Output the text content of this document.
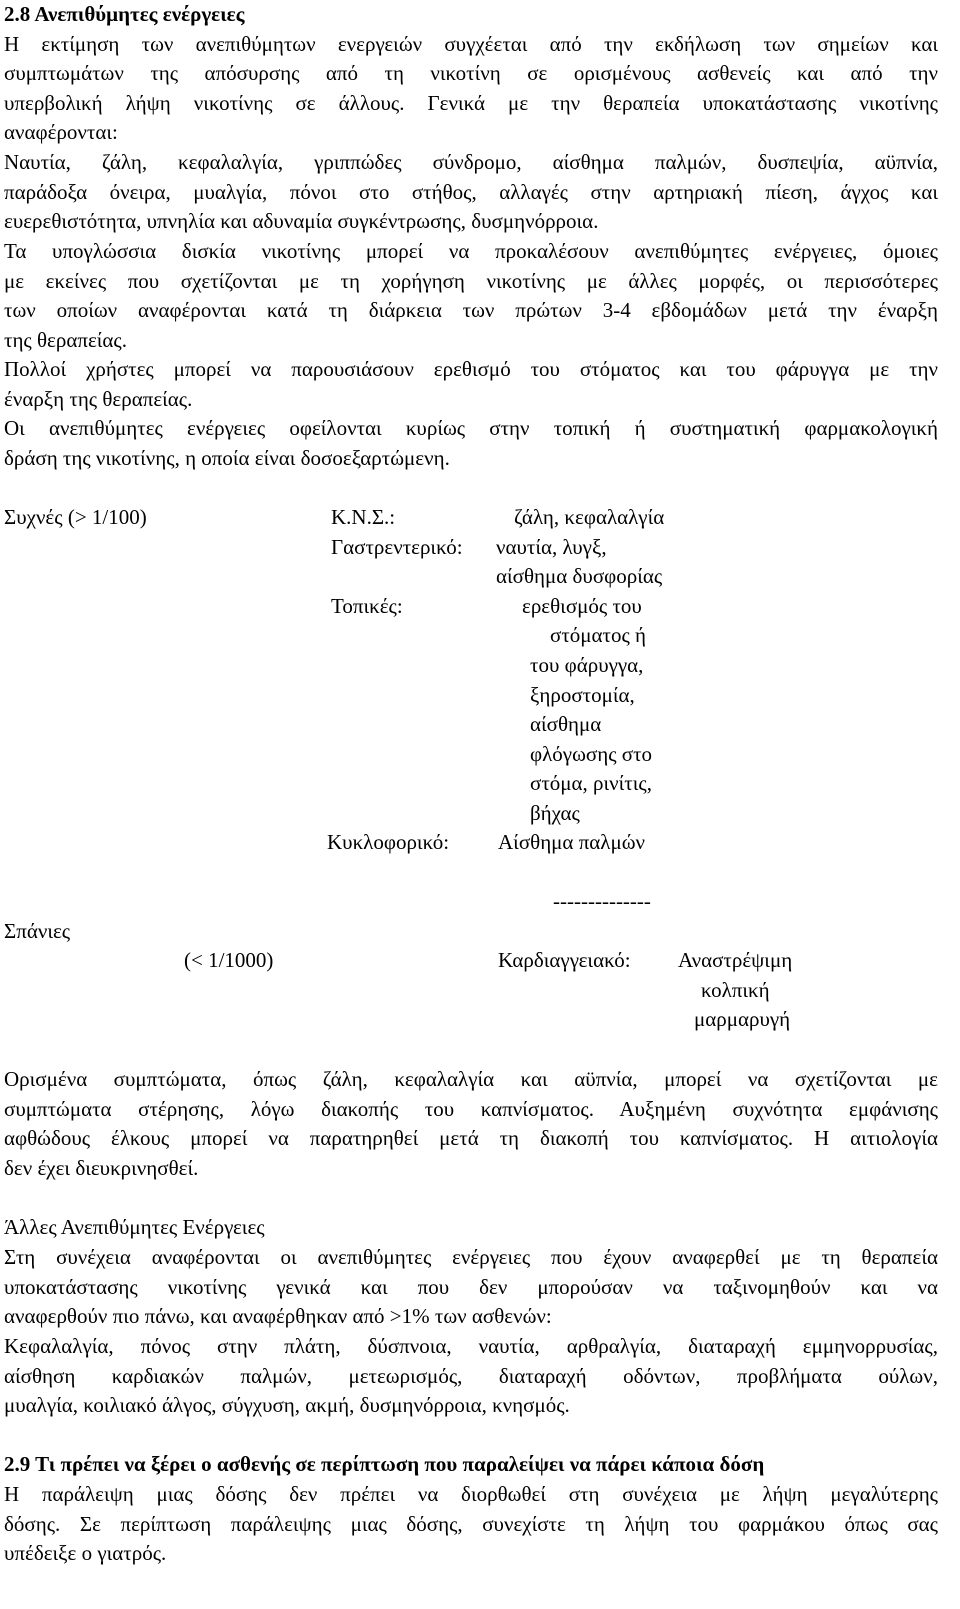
2.8 Ανεπιθύμητες ενέργειες

Η εκτίμηση των ανεπιθύμητων ενεργειών συγχέεται από την εκδήλωση των σημείων και

συμπτωμάτων της απόσυρσης από τη νικοτίνη σε ορισμένους ασθενείς και από την

υπερβολική λήψη νικοτίνης σε άλλους. Γενικά με την θεραπεία υποκατάστασης νικοτίνης

αναφέρονται:

Ναυτία, ζάλη, κεφαλαλγία, γριππώδες σύνδρομο, αίσθημα παλμών, δυσπεψία, αϋπνία,

παράδοξα όνειρα, μυαλγία, πόνοι στο στήθος, αλλαγές στην αρτηριακή πίεση, άγχος και

ευερεθιστότητα, υπνηλία και αδυναμία συγκέντρωσης, δυσμηνόρροια.

Τα υπογλώσσια δισκία νικοτίνης μπορεί να προκαλέσουν ανεπιθύμητες ενέργειες, όμοιες

με εκείνες που σχετίζονται με τη χορήγηση νικοτίνης με άλλες μορφές, οι περισσότερες

των οποίων αναφέρονται κατά τη διάρκεια των πρώτων 3-4 εβδομάδων μετά την έναρξη

της θεραπείας.

Πολλοί χρήστες μπορεί να παρουσιάσουν ερεθισμό του στόματος και του φάρυγγα με την

έναρξη της θεραπείας.

Οι ανεπιθύμητες ενέργειες οφείλονται κυρίως στην τοπική ή συστηματική φαρμακολογική

δράση της νικοτίνης, η οποία είναι δοσοεξαρτώμενη.

Συχνές (> 1/100)	Κ.Ν.Σ.:	ζάλη, κεφαλαλγία
Γαστρεντερικό: ναυτία, λυγξ,
αίσθημα δυσφορίας
Τοπικές:	ερεθισμός του
στόματος ή
του φάρυγγα,
ξηροστομία,
αίσθημα
φλόγωσης στο
στόμα, ρινίτις,
βήχας
Κυκλοφορικό: Αίσθημα παλμών
--------------
Σπάνιες
(< 1/1000)	Καρδιαγγειακό: Αναστρέψιμη
κολπική
μαρμαρυγή

Ορισμένα συμπτώματα, όπως ζάλη, κεφαλαλγία και αϋπνία, μπορεί να σχετίζονται με

συμπτώματα στέρησης, λόγω διακοπής του καπνίσματος. Αυξημένη συχνότητα εμφάνισης

αφθώδους έλκους μπορεί να παρατηρηθεί μετά τη διακοπή του καπνίσματος. Η αιτιολογία

δεν έχει διευκρινησθεί.

Άλλες Ανεπιθύμητες Ενέργειες

Στη συνέχεια αναφέρονται οι ανεπιθύμητες ενέργειες που έχουν αναφερθεί με τη θεραπεία

υποκατάστασης νικοτίνης γενικά και που δεν μπορούσαν να ταξινομηθούν και να

αναφερθούν πιο πάνω, και αναφέρθηκαν από >1% των ασθενών:

Κεφαλαλγία, πόνος στην πλάτη, δύσπνοια, ναυτία, αρθραλγία, διαταραχή εμμηνορρυσίας,

αίσθηση καρδιακών παλμών, μετεωρισμός, διαταραχή οδόντων, προβλήματα ούλων,

μυαλγία, κοιλιακό άλγος, σύγχυση, ακμή, δυσμηνόρροια, κνησμός.

2.9 Τι πρέπει να ξέρει ο ασθενής σε περίπτωση που παραλείψει να πάρει κάποια δόση

Η παράλειψη μιας δόσης δεν πρέπει να διορθωθεί στη συνέχεια με λήψη μεγαλύτερης

δόσης. Σε περίπτωση παράλειψης μιας δόσης, συνεχίστε τη λήψη του φαρμάκου όπως σας

υπέδειξε ο γιατρός.
